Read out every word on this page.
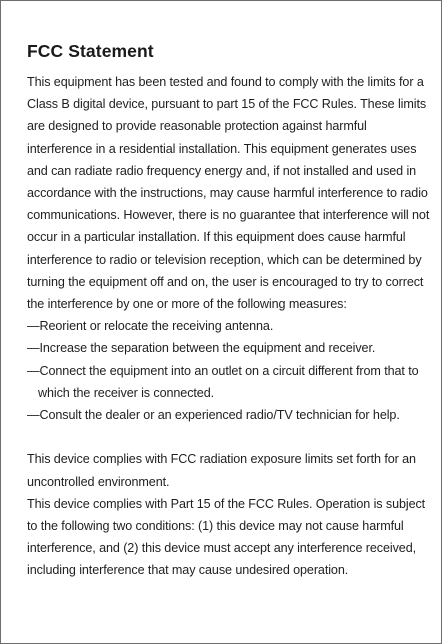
FCC Statement

This equipment has been tested and found to comply with the limits for a Class B digital device, pursuant to part 15 of the FCC Rules. These limits are designed to provide reasonable protection against harmful interference in a residential installation. This equipment generates uses and can radiate radio frequency energy and, if not installed and used in accordance with the instructions, may cause harmful interference to radio communications. However, there is no guarantee that interference will not occur in a particular installation. If this equipment does cause harmful interference to radio or television reception, which can be determined by turning the equipment off and on, the user is encouraged to try to correct the interference by one or more of the following measures:

—Reorient or relocate the receiving antenna.
—Increase the separation between the equipment and receiver.
—Connect the equipment into an outlet on a circuit different from that to which the receiver is connected.
—Consult the dealer or an experienced radio/TV technician for help.

This device complies with FCC radiation exposure limits set forth for an uncontrolled environment.

This device complies with Part 15 of the FCC Rules. Operation is subject to the following two conditions: (1) this device may not cause harmful interference, and (2) this device must accept any interference received, including interference that may cause undesired operation.
